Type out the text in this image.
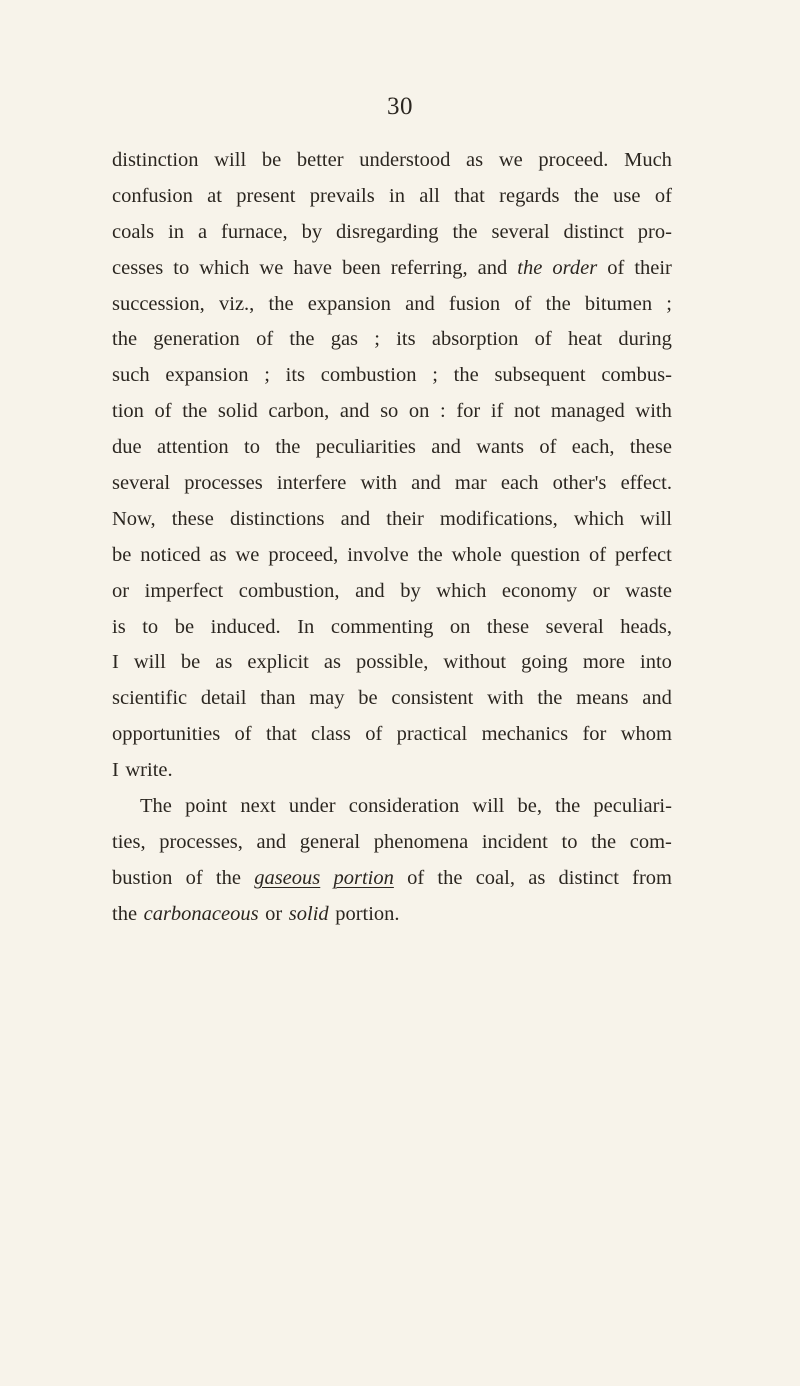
30
distinction will be better understood as we proceed. Much
confusion at present prevails in all that regards the use of
coals in a furnace, by disregarding the several distinct pro-
cesses to which we have been referring, and the order of their
succession, viz., the expansion and fusion of the bitumen ;
the generation of the gas ; its absorption of heat during
such expansion ; its combustion ; the subsequent combus-
tion of the solid carbon, and so on : for if not managed with
due attention to the peculiarities and wants of each, these
several processes interfere with and mar each other's effect.
Now, these distinctions and their modifications, which will
be noticed as we proceed, involve the whole question of perfect
or imperfect combustion, and by which economy or waste
is to be induced. In commenting on these several heads,
I will be as explicit as possible, without going more into
scientific detail than may be consistent with the means and
opportunities of that class of practical mechanics for whom
I write.
The point next under consideration will be, the peculiari-
ties, processes, and general phenomena incident to the com-
bustion of the gaseous portion of the coal, as distinct from
the carbonaceous or solid portion.
